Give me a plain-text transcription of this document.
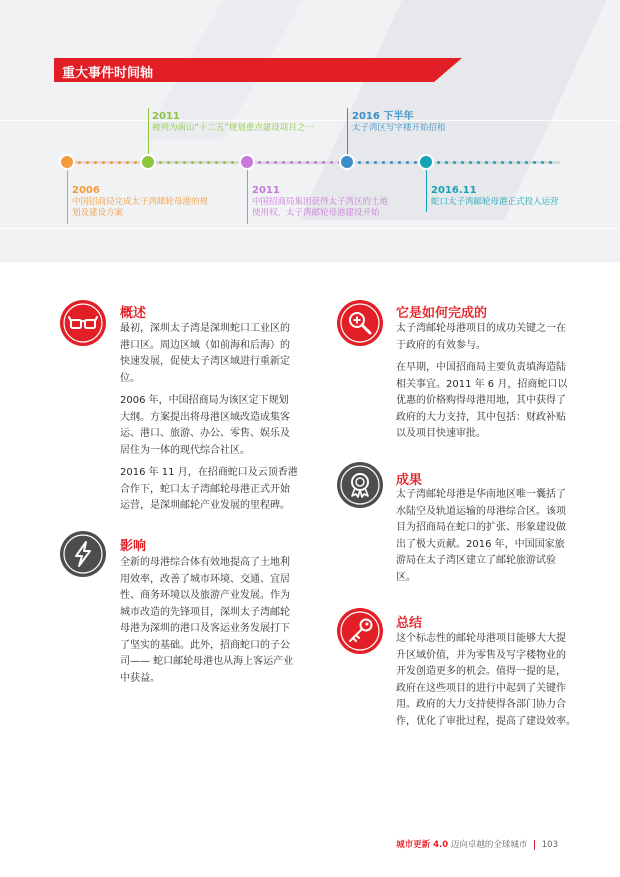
重大事件时间轴
2011
被列为南山“十二五”规划重点建设项目之一
2016 下半年
太子湾区写字楼开始招租
2006
中国招商局完成太子湾邮轮母港的规
划及建设方案
2011
中国招商局集团获得太子湾区的土地
使用权，太子湾邮轮母港建设开始
2016.11
蛇口太子湾邮轮母港正式投入运营
概述
最初，深圳太子湾是深圳蛇口工业区的
港口区。周边区域（如前海和后海）的
快速发展，促使太子湾区域进行重新定
位。
2006 年，中国招商局为该区定下规划
大纲。方案提出将母港区域改造成集客
运、港口、旅游、办公、零售、娱乐及
居住为一体的现代综合社区。
2016 年 11 月，在招商蛇口及云顶香港
合作下，蛇口太子湾邮轮母港正式开始
运营，是深圳邮轮产业发展的里程碑。
影响
全新的母港综合体有效地提高了土地利
用效率，改善了城市环境、交通、宜居
性、商务环境以及旅游产业发展。作为
城市改造的先锋项目，深圳太子湾邮轮
母港为深圳的港口及客运业务发展打下
了坚实的基础。此外，招商蛇口的子公
司—— 蛇口邮轮母港也从海上客运产业
中获益。
它是如何完成的
太子湾邮轮母港项目的成功关键之一在
于政府的有效参与。
在早期，中国招商局主要负责填海造陆
相关事宜。2011 年 6 月，招商蛇口以
优惠的价格购得母港用地，其中获得了
政府的大力支持，其中包括：财政补贴
以及项目快速审批。
成果
太子湾邮轮母港是华南地区唯一囊括了
水陆空及轨道运输的母港综合区。该项
目为招商局在蛇口的扩张、形象建设做
出了极大贡献。2016 年，中国国家旅
游局在太子湾区建立了邮轮旅游试验
区。
总结
这个标志性的邮轮母港项目能够大大提
升区域价值，并为零售及写字楼物业的
开发创造更多的机会。值得一提的是，
政府在这些项目的进行中起到了关键作
用。政府的大力支持使得各部门协力合
作，优化了审批过程，提高了建设效率。
城市更新 4.0 迈向卓越的全球城市 103
